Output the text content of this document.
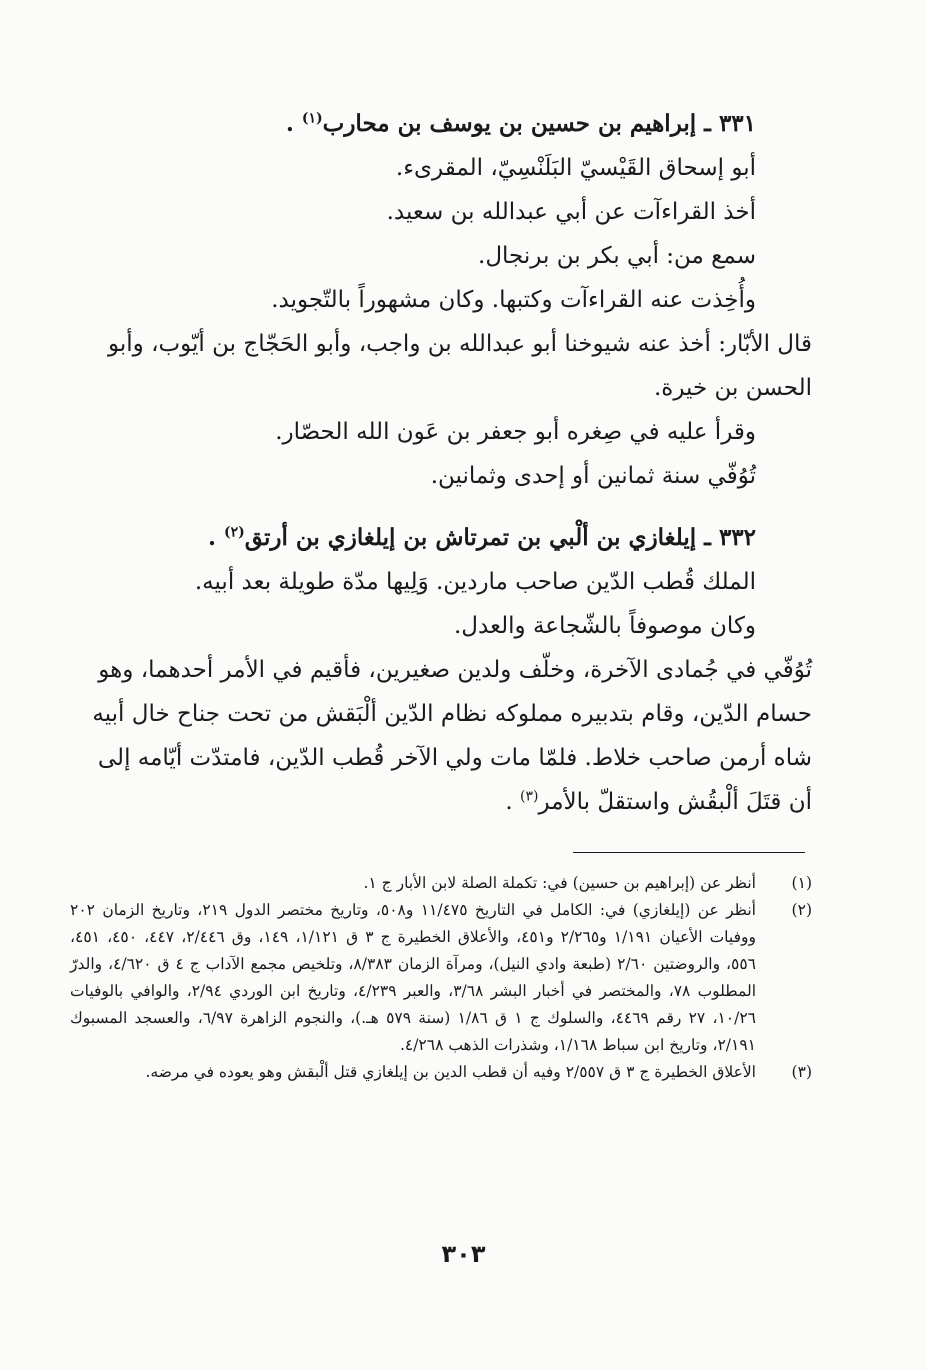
٣٣١ ـ إبراهيم بن حسين بن يوسف بن محارب$^{(١)}$ .

أبو إسحاق القَيْسيّ البَلَنْسِيّ، المقرىء.

أخذ القراءآت عن أبي عبدالله بن سعيد.

سمع من: أبي بكر بن برنجال.

وأُخِذت عنه القراءآت وكتبها. وكان مشهوراً بالتّجويد.

قال الأبّار: أخذ عنه شيوخنا أبو عبدالله بن واجب، وأبو الحَجّاج بن أيّوب، وأبو الحسن بن خيرة.

وقرأ عليه في صِغره أبو جعفر بن عَون الله الحصّار.

تُوُفّي سنة ثمانين أو إحدى وثمانين.

٣٣٢ ـ إيلغازي بن ألْبي بن تمرتاش بن إيلغازي بن أرتق$^{(٢)}$ .

الملك قُطب الدّين صاحب ماردين. وَلِيها مدّة طويلة بعد أبيه.

وكان موصوفاً بالشّجاعة والعدل.

تُوُفّي في جُمادى الآخرة، وخلّف ولدين صغيرين، فأقيم في الأمر أحدهما، وهو حسام الدّين، وقام بتدبيره مملوكه نظام الدّين ألْبَقش من تحت جناح خال أبيه شاه أرمن صاحب خلاط. فلمّا مات ولي الآخر قُطب الدّين، فامتدّت أيّامه إلى أن قتَلَ ألْبقُش واستقلّ بالأمر$^{(٣)}$ .

(١)
أنظر عن (إبراهيم بن حسين) في: تكملة الصلة لابن الأبار ج ١.
(٢)
أنظر عن (إيلغازي) في: الكامل في التاريخ ١١/٤٧٥ و٥٠٨، وتاريخ مختصر الدول ٢١٩، وتاريخ الزمان ٢٠٢ ووفيات الأعيان ١/١٩١ و٢/٢٦٥ و٤٥١، والأعلاق الخطيرة ج ٣ ق ١/١٢١، ١٤٩، وق ٢/٤٤٦، ٤٤٧، ٤٥٠، ٤٥١، ٥٥٦، والروضتين ٢/٦٠ (طبعة وادي النيل)، ومرآة الزمان ٨/٣٨٣، وتلخيص مجمع الآداب ج ٤ ق ٤/٦٢٠، والدرّ المطلوب ٧٨، والمختصر في أخبار البشر ٣/٦٨، والعبر ٤/٢٣٩، وتاريخ ابن الوردي ٢/٩٤، والوافي بالوفيات ١٠/٢٦، ٢٧ رقم ٤٤٦٩، والسلوك ج ١ ق ١/٨٦ (سنة ٥٧٩ هـ.)، والنجوم الزاهرة ٦/٩٧، والعسجد المسبوك ٢/١٩١، وتاريخ ابن سباط ١/١٦٨، وشذرات الذهب ٤/٢٦٨.
(٣)
الأعلاق الخطيرة ج ٣ ق ٢/٥٥٧ وفيه أن قطب الدين بن إيلغازي قتل ألْبقش وهو يعوده في مرضه.
٣٠٣
